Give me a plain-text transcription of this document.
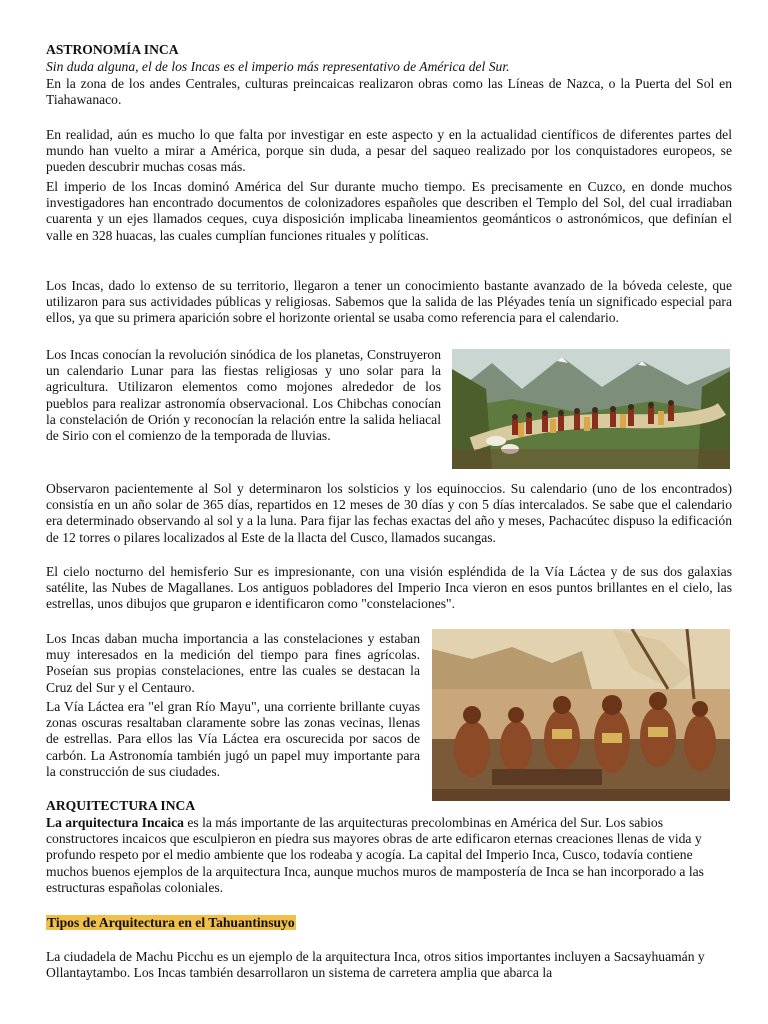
ASTRONOMÍA INCA
Sin duda alguna, el de los Incas es el imperio más representativo de América del Sur.

En la zona de los andes Centrales, culturas preincaicas realizaron obras como las Líneas de Nazca, o la Puerta del Sol en Tiahawanaco.

En realidad, aún es mucho lo que falta por investigar en este aspecto y en la actualidad científicos de diferentes partes del mundo han vuelto a mirar a América, porque sin duda, a pesar del saqueo realizado por los conquistadores europeos, se pueden descubrir muchas cosas más.

El imperio de los Incas dominó América del Sur durante mucho tiempo. Es precisamente en Cuzco, en donde muchos investigadores han encontrado documentos de colonizadores españoles que describen el Templo del Sol, del cual irradiaban cuarenta y un ejes llamados ceques, cuya disposición implicaba lineamientos geománticos o astronómicos, que definían el valle en 328 huacas, las cuales cumplían funciones rituales y políticas.

Los Incas, dado lo extenso de su territorio, llegaron a tener un conocimiento bastante avanzado de la bóveda celeste, que utilizaron para sus actividades públicas y religiosas. Sabemos que la salida de las Pléyades tenía un significado especial para ellos, ya que su primera aparición sobre el horizonte oriental se usaba como referencia para el calendario.

Los Incas conocían la revolución sinódica de los planetas, Construyeron un calendario Lunar para las fiestas religiosas y uno solar para la agricultura. Utilizaron elementos como mojones alrededor de los pueblos para realizar astronomía observacional. Los Chibchas conocían la constelación de Orión y reconocían la relación entre la salida heliacal de Sirio con el comienzo de la temporada de lluvias.

Observaron pacientemente al Sol y determinaron los solsticios y los equinoccios. Su calendario (uno de los encontrados) consistía en un año solar de 365 días, repartidos en 12 meses de 30 días y con 5 días intercalados. Se sabe que el calendario era determinado observando al sol y a la luna. Para fijar las fechas exactas del año y meses, Pachacútec dispuso la edificación de 12 torres o pilares localizados al Este de la llacta del Cusco, llamados sucangas.

El cielo nocturno del hemisferio Sur es impresionante, con una visión espléndida de la Vía Láctea y de sus dos galaxias satélite, las Nubes de Magallanes. Los antiguos pobladores del Imperio Inca vieron en esos puntos brillantes en el cielo, las estrellas, unos dibujos que gruparon e identificaron como "constelaciones".

Los Incas daban mucha importancia a las constelaciones y estaban muy interesados en la medición del tiempo para fines agrícolas. Poseían sus propias constelaciones, entre las cuales se destacan la Cruz del Sur y el Centauro.

La Vía Láctea era "el gran Río Mayu", una corriente brillante cuyas zonas oscuras resaltaban claramente sobre las zonas vecinas, llenas de estrellas. Para ellos las Vía Láctea era oscurecida por sacos de carbón. La Astronomía también jugó un papel muy importante para la construcción de sus ciudades.

ARQUITECTURA INCA

La arquitectura Incaica es la más importante de las arquitecturas precolombinas en América del Sur. Los sabios constructores incaicos que esculpieron en piedra sus mayores obras de arte edificaron eternas creaciones llenas de vida y profundo respeto por el medio ambiente que los rodeaba y acogía. La capital del Imperio Inca, Cusco, todavía contiene muchos buenos ejemplos de la arquitectura Inca, aunque muchos muros de mampostería de Inca se han incorporado a las estructuras españolas coloniales.

Tipos de Arquitectura en el Tahuantinsuyo

La ciudadela de Machu Picchu es un ejemplo de la arquitectura Inca, otros sitios importantes incluyen a Sacsayhuamán y Ollantaytambo. Los Incas también desarrollaron un sistema de carretera amplia que abarca la
